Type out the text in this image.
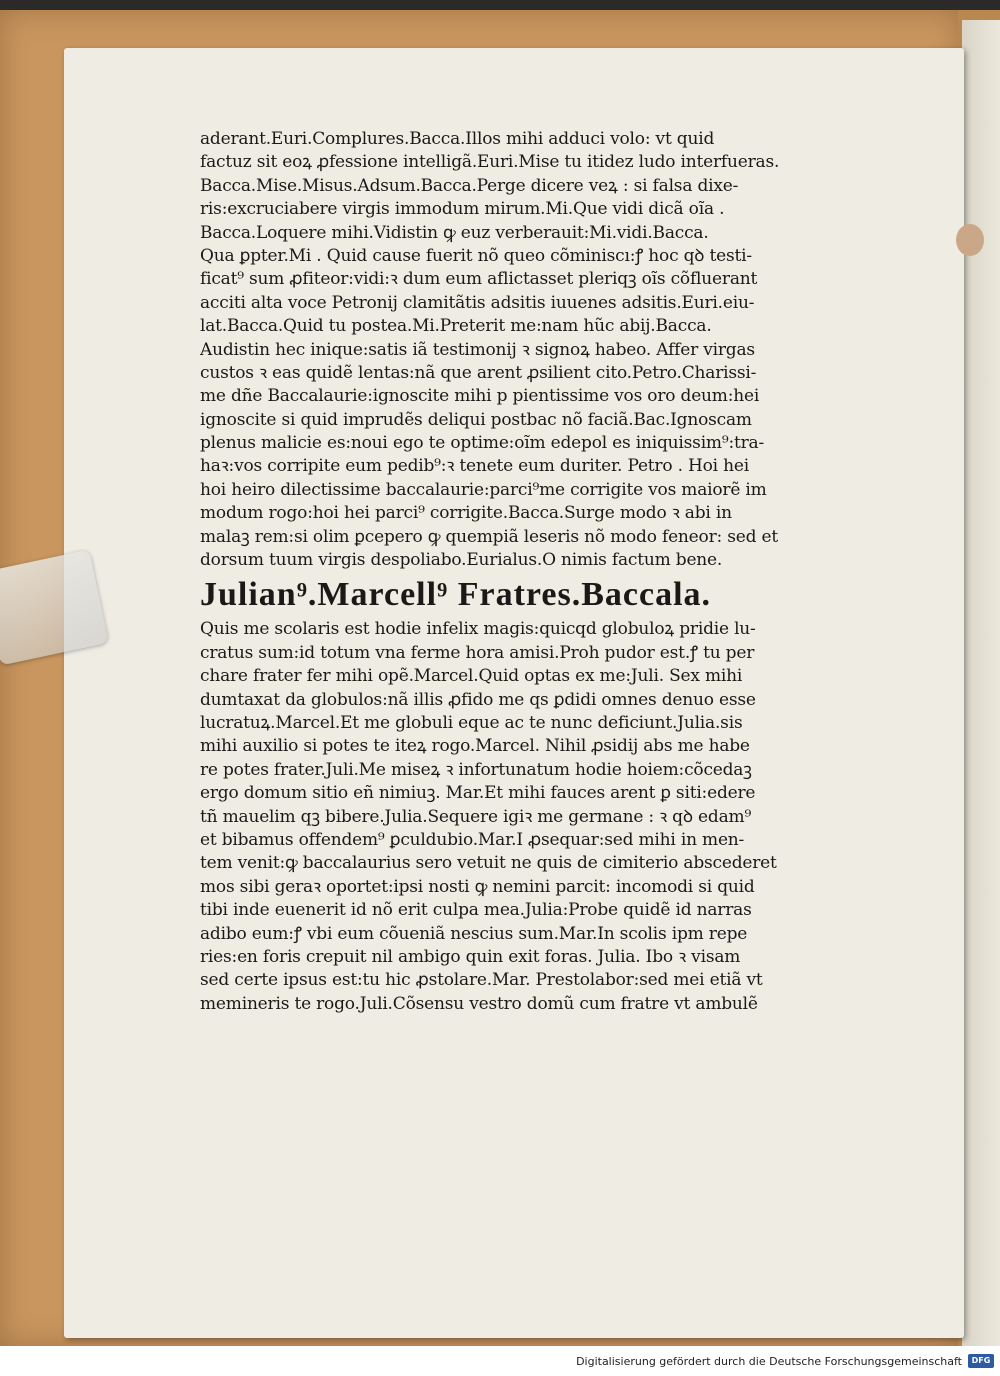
aderant.Euri.Complures.Bacca.Illos mihi adduci volo: vt quid
factuz sit eoꝝ ꝓfessione intelligã.Euri.Mise tu itidez ludo interfueras.
Bacca.Mise.Misus.Adsum.Bacca.Perge dicere veꝝ : si falsa dixe-
ris:excruciabere virgis immodum mirum.Mi.Que vidi dicã oĩa .
Bacca.Loquere mihi.Vidistin ꝙ euz verberauit:Mi.vidi.Bacca.
Qua ꝑpter.Mi . Quid cause fuerit nõ queo cõminiscı:ꝭ hoc qꝺ testi-
ficat⁹ sum ꝓfiteor:vidi:ꝛ dum eum aflictasset pleriqꝫ oĩs cõfluerant
acciti alta voce Petronij clamitãtis adsitis iuuenes adsitis.Euri.eiu-
lat.Bacca.Quid tu postea.Mi.Preterit me:nam hũc abij.Bacca.
Audistin hec inique:satis iã testimonij ꝛ signoꝝ habeo. Affer virgas
custos ꝛ eas quidẽ lentas:nã que arent ꝓsilient cito.Petro.Charissi-
me dñe Baccalaurie:ignoscite mihi p pientissime vos oro deum:hei
ignoscite si quid imprudẽs deliqui postbac nõ faciã.Bac.Ignoscam
plenus malicie es:noui ego te optime:oĩm edepol es iniquissim⁹:tra-
haꝛ:vos corripite eum pedib⁹:ꝛ tenete eum duriter. Petro . Hoi hei
hoi heiro dilectissime baccalaurie:parci⁹me corrigite vos maiorẽ im
modum rogo:hoi hei parci⁹ corrigite.Bacca.Surge modo ꝛ abi in
malaꝫ rem:si olim ꝑcepero ꝙ quempiã leseris nõ modo feneor: sed et
dorsum tuum virgis despoliabo.Eurialus.O nimis factum bene.
Julian⁹.Marcell⁹ Fratres.Baccala.
Quis me scolaris est hodie infelix magis:quicqd globuloꝝ pridie lu-
cratus sum:id totum vna ferme hora amisi.Proh pudor est.ꝭ tu per
chare frater fer mihi opẽ.Marcel.Quid optas ex me:Juli. Sex mihi
dumtaxat da globulos:nã illis ꝓfido me qs ꝑdidi omnes denuo esse
lucratuꝝ.Marcel.Et me globuli eque ac te nunc deficiunt.Julia.sis
mihi auxilio si potes te iteꝝ rogo.Marcel. Nihil ꝓsidij abs me habe
re potes frater.Juli.Me miseꝝ ꝛ infortunatum hodie hoiem:cõcedaꝫ
ergo domum sitio eñ nimiuꝫ. Mar.Et mihi fauces arent ꝑ siti:edere
tñ mauelim qꝫ bibere.Julia.Sequere igiꝛ me germane : ꝛ qꝺ edam⁹
et bibamus offendem⁹ ꝑculdubio.Mar.I ꝓsequar:sed mihi in men-
tem venit:ꝙ baccalaurius sero vetuit ne quis de cimiterio abscederet
mos sibi geraꝛ oportet:ipsi nosti ꝙ nemini parcit: incomodi si quid
tibi inde euenerit id nõ erit culpa mea.Julia:Probe quidẽ id narras
adibo eum:ꝭ vbi eum cõueniã nescius sum.Mar.In scolis ipm repe
ries:en foris crepuit nil ambigo quin exit foras. Julia. Ibo ꝛ visam
sed certe ipsus est:tu hic ꝓstolare.Mar. Prestolabor:sed mei etiã vt
memineris te rogo.Juli.Cõsensu vestro domũ cum fratre vt ambulẽ
Digitalisierung gefördert durch die Deutsche Forschungsgemeinschaft	DFG
